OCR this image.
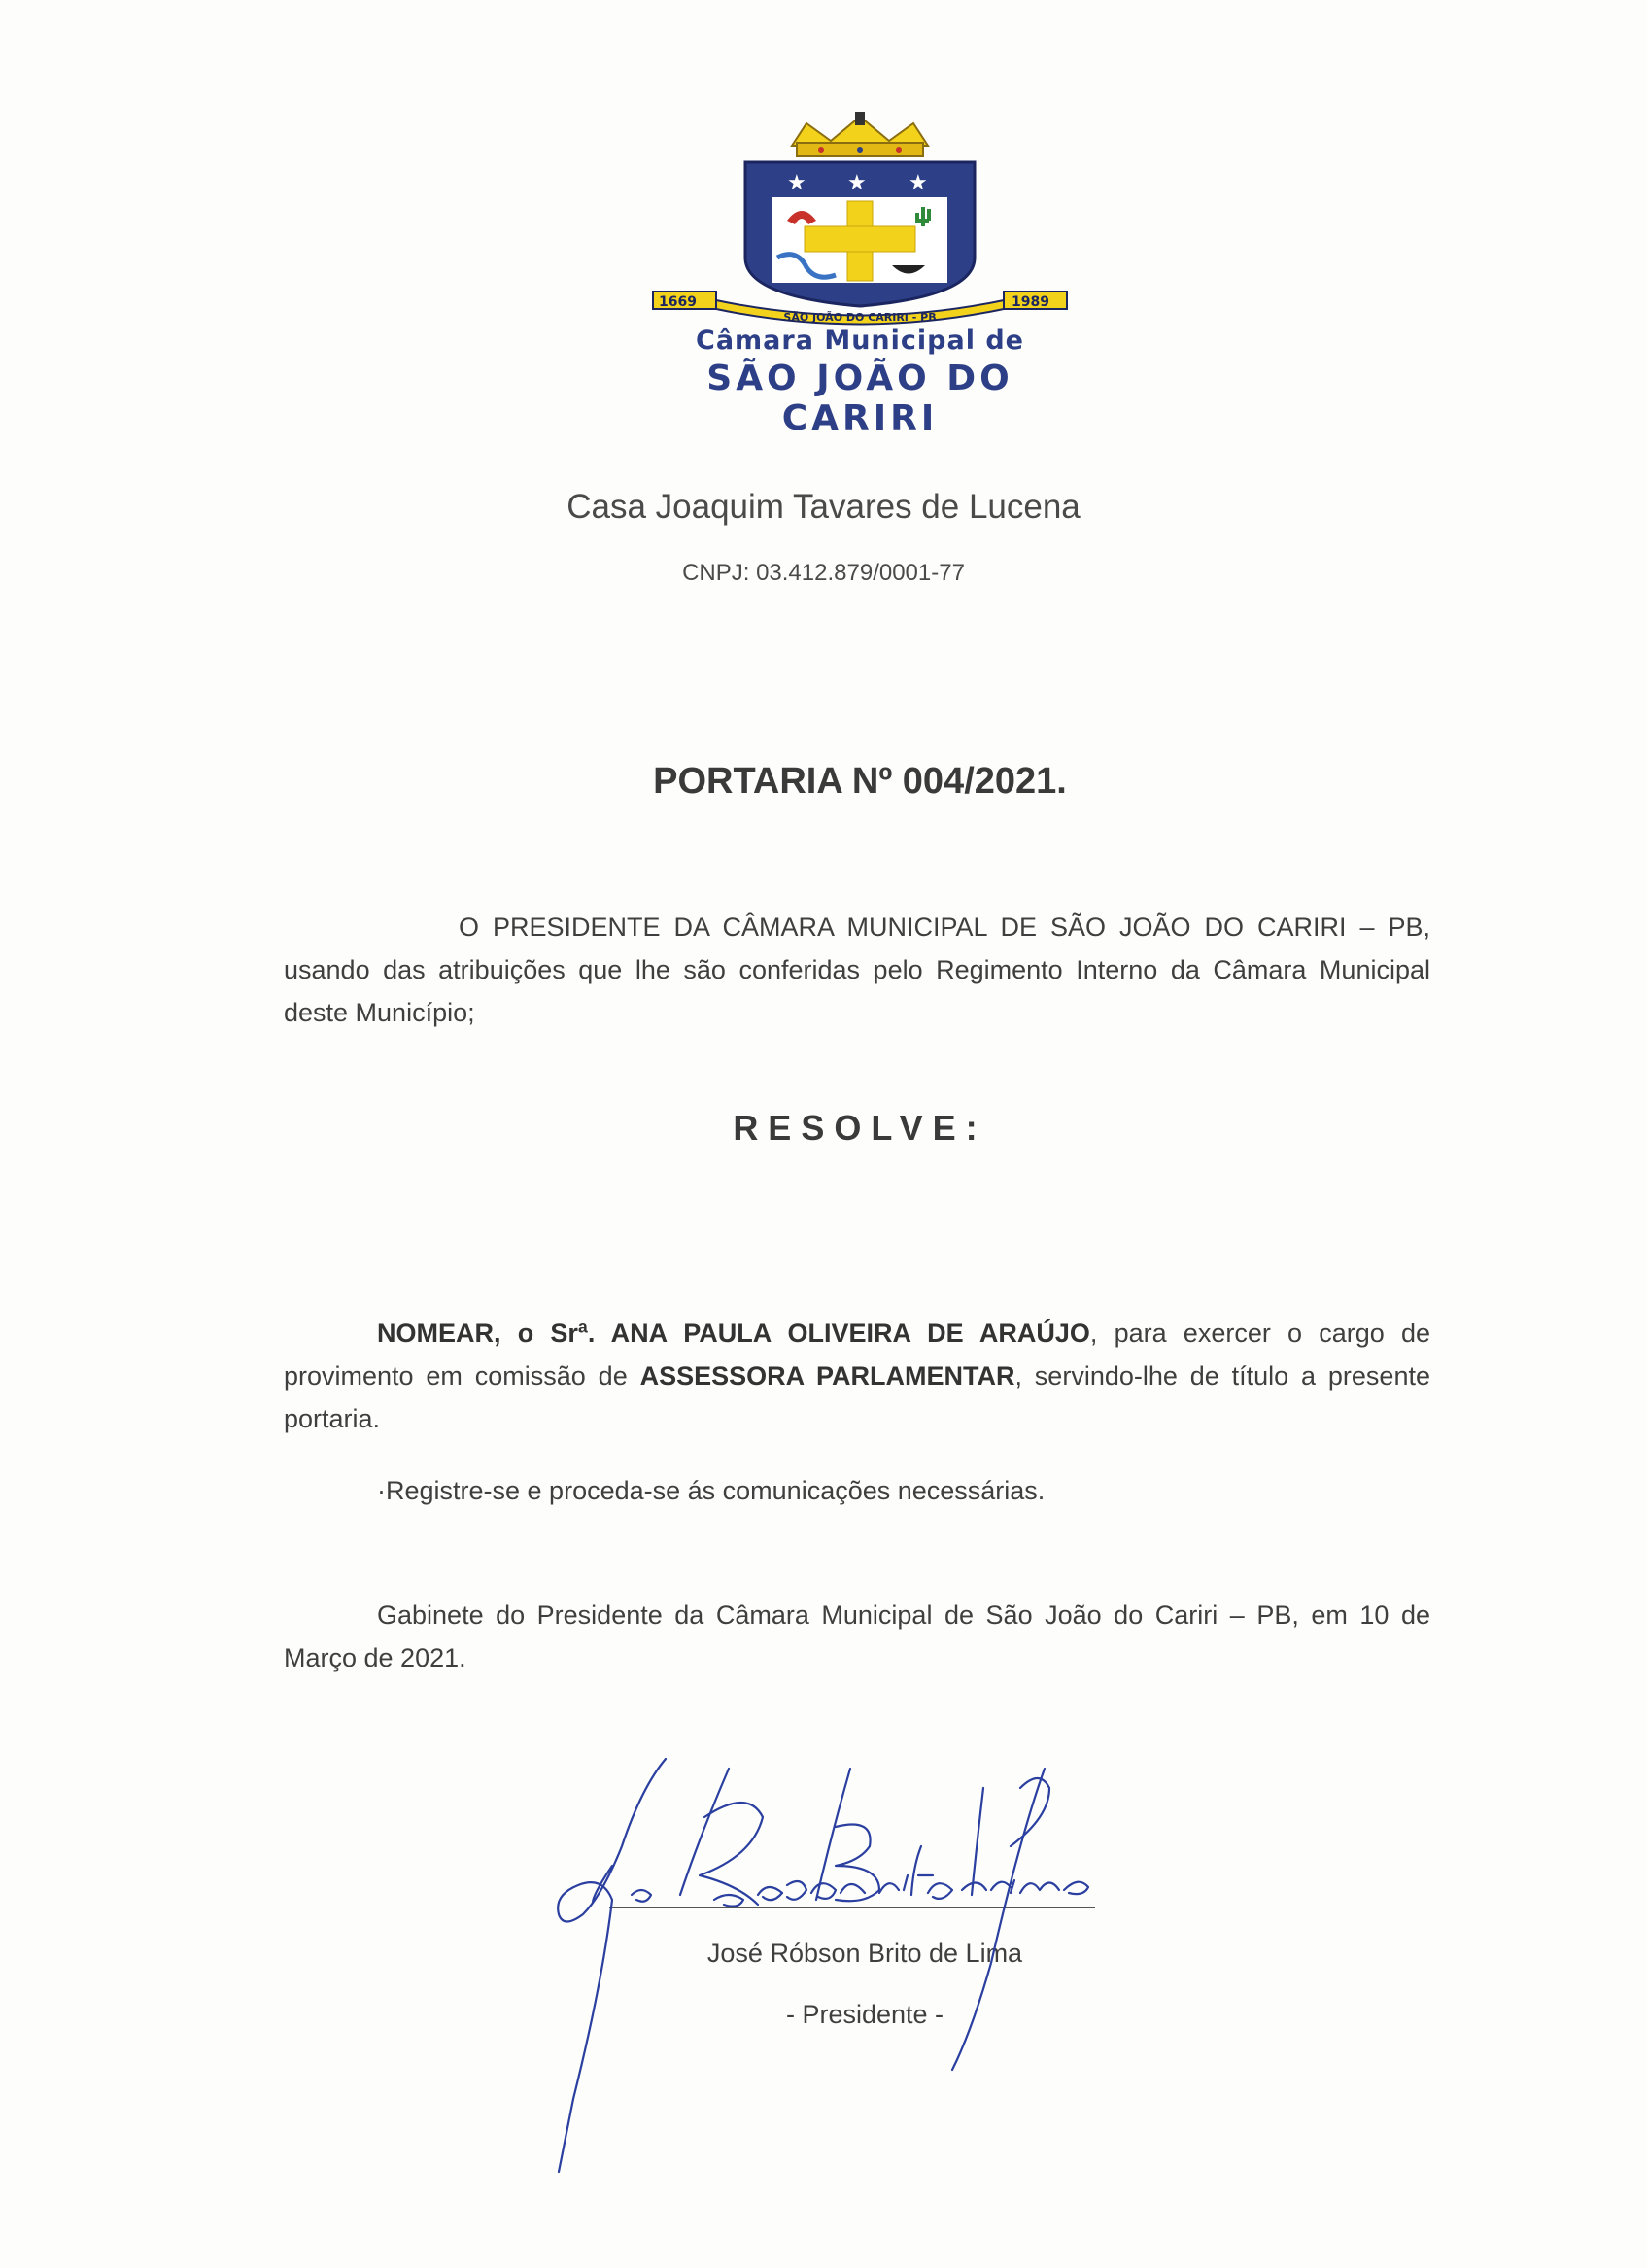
★ ★ ★
1669	1989
SÃO JOÃO DO CARIRI - PB
Câmara Municipal de
SÃO JOÃO DO CARIRI
Casa Joaquim Tavares de Lucena
CNPJ: 03.412.879/0001-77
PORTARIA Nº 004/2021.
O PRESIDENTE DA CÂMARA MUNICIPAL DE SÃO JOÃO DO CARIRI – PB, usando das atribuições que lhe são conferidas pelo Regimento Interno da Câmara Municipal deste Município;
RESOLVE:
NOMEAR, o Srª. ANA PAULA OLIVEIRA DE ARAÚJO, para exercer o cargo de provimento em comissão de ASSESSORA PARLAMENTAR, servindo-lhe de título a presente portaria.
·Registre-se e proceda-se ás comunicações necessárias.
Gabinete do Presidente da Câmara Municipal de São João do Cariri – PB, em 10 de Março de 2021.
José Róbson Brito de Lima
- Presidente -
